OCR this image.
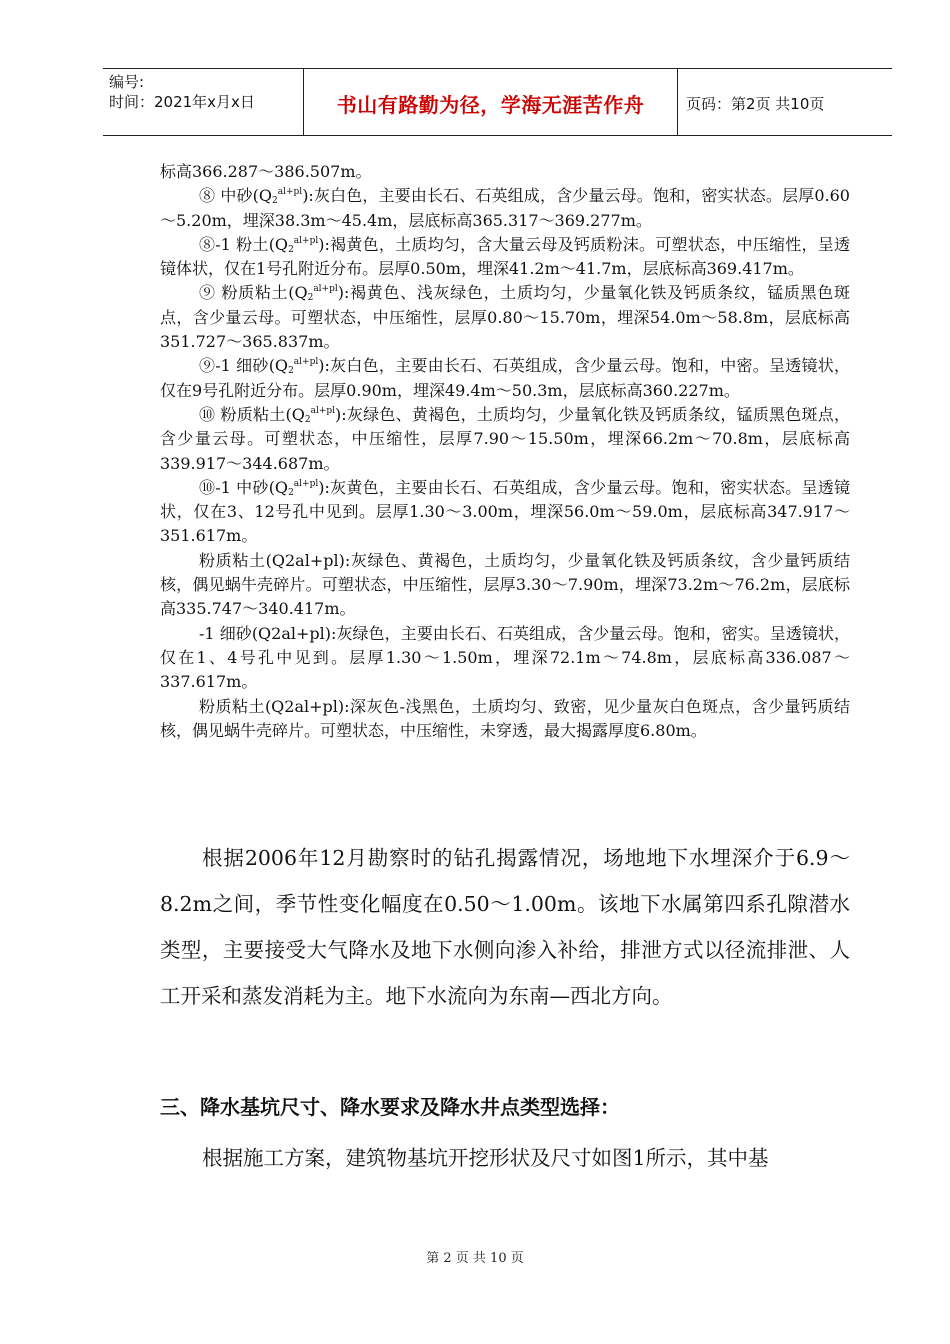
编号:
时间：2021年x月x日	书山有路勤为径，学海无涯苦作舟	页码：第2页 共10页

标高366.287～386.507m。

⑧ 中砂$(Q_2^{al+pl})$:灰白色，主要由长石、石英组成，含少量云母。饱和，密实状态。层厚0.60～5.20m，埋深38.3m～45.4m，层底标高365.317～369.277m。

⑧-1 粉土$(Q_2^{al+pl})$:褐黄色，土质均匀，含大量云母及钙质粉沫。可塑状态，中压缩性，呈透镜体状，仅在1号孔附近分布。层厚0.50m，埋深41.2m～41.7m，层底标高369.417m。

⑨ 粉质粘土$(Q_2^{al+pl})$:褐黄色、浅灰绿色，土质均匀，少量氧化铁及钙质条纹，锰质黑色斑点，含少量云母。可塑状态，中压缩性，层厚0.80～15.70m，埋深54.0m～58.8m，层底标高351.727～365.837m。

⑨-1 细砂$(Q_2^{al+pl})$:灰白色，主要由长石、石英组成，含少量云母。饱和，中密。呈透镜状，仅在9号孔附近分布。层厚0.90m，埋深49.4m～50.3m，层底标高360.227m。

⑩ 粉质粘土$(Q_2^{al+pl})$:灰绿色、黄褐色，土质均匀，少量氧化铁及钙质条纹，锰质黑色斑点，含少量云母。可塑状态，中压缩性，层厚7.90～15.50m，埋深66.2m～70.8m，层底标高339.917～344.687m。

⑩-1 中砂$(Q_2^{al+pl})$:灰黄色，主要由长石、石英组成，含少量云母。饱和，密实状态。呈透镜状，仅在3、12号孔中见到。层厚1.30～3.00m，埋深56.0m～59.0m，层底标高347.917～351.617m。

粉质粘土(Q2al+pl):灰绿色、黄褐色，土质均匀，少量氧化铁及钙质条纹，含少量钙质结核，偶见蜗牛壳碎片。可塑状态，中压缩性，层厚3.30～7.90m，埋深73.2m～76.2m，层底标高335.747～340.417m。

-1 细砂(Q2al+pl):灰绿色，主要由长石、石英组成，含少量云母。饱和，密实。呈透镜状，仅在1、4号孔中见到。层厚1.30～1.50m，埋深72.1m～74.8m，层底标高336.087～337.617m。

粉质粘土(Q2al+pl):深灰色-浅黑色，土质均匀、致密，见少量灰白色斑点，含少量钙质结核，偶见蜗牛壳碎片。可塑状态，中压缩性，未穿透，最大揭露厚度6.80m。

根据2006年12月勘察时的钻孔揭露情况，场地地下水埋深介于6.9～8.2m之间，季节性变化幅度在0.50～1.00m。该地下水属第四系孔隙潜水类型，主要接受大气降水及地下水侧向渗入补给，排泄方式以径流排泄、人工开采和蒸发消耗为主。地下水流向为东南—西北方向。

三、降水基坑尺寸、降水要求及降水井点类型选择：

根据施工方案，建筑物基坑开挖形状及尺寸如图1所示，其中基

第 2 页 共 10 页
